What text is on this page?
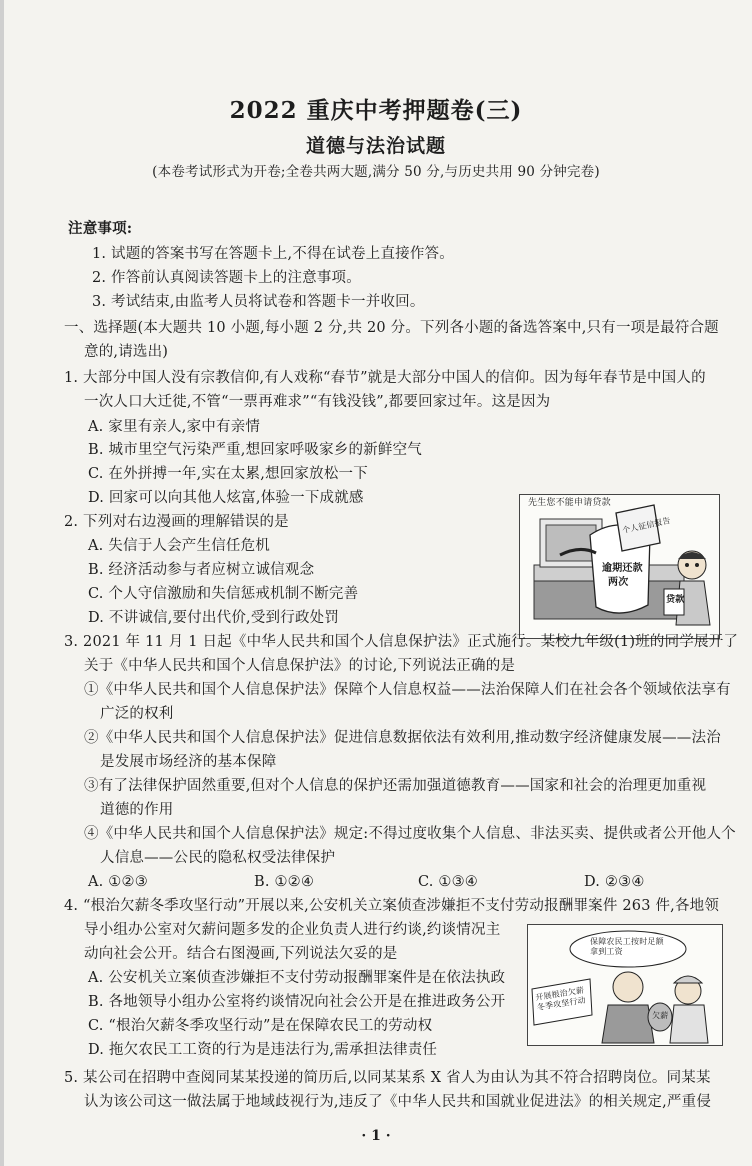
2022 重庆中考押题卷(三)
道德与法治试题
(本卷考试形式为开卷;全卷共两大题,满分 50 分,与历史共用 90 分钟完卷)
注意事项:
1. 试题的答案书写在答题卡上,不得在试卷上直接作答。
2. 作答前认真阅读答题卡上的注意事项。
3. 考试结束,由监考人员将试卷和答题卡一并收回。
一、选择题(本大题共 10 小题,每小题 2 分,共 20 分。下列各小题的备选答案中,只有一项是最符合题
意的,请选出)
1. 大部分中国人没有宗教信仰,有人戏称“春节”就是大部分中国人的信仰。因为每年春节是中国人的
一次人口大迁徙,不管“一票再难求”“有钱没钱”,都要回家过年。这是因为
A. 家里有亲人,家中有亲情
B. 城市里空气污染严重,想回家呼吸家乡的新鲜空气
C. 在外拼搏一年,实在太累,想回家放松一下
D. 回家可以向其他人炫富,体验一下成就感
2. 下列对右边漫画的理解错误的是
A. 失信于人会产生信任危机
B. 经济活动参与者应树立诚信观念
C. 个人守信激励和失信惩戒机制不断完善
D. 不讲诚信,要付出代价,受到行政处罚
先生您不能申请贷款
个人征信报告
逾期还款
两次
贷款
3. 2021 年 11 月 1 日起《中华人民共和国个人信息保护法》正式施行。某校九年级(1)班的同学展开了
关于《中华人民共和国个人信息保护法》的讨论,下列说法正确的是
①《中华人民共和国个人信息保护法》保障个人信息权益——法治保障人们在社会各个领域依法享有
广泛的权利
②《中华人民共和国个人信息保护法》促进信息数据依法有效利用,推动数字经济健康发展——法治
是发展市场经济的基本保障
③有了法律保护固然重要,但对个人信息的保护还需加强道德教育——国家和社会的治理更加重视
道德的作用
④《中华人民共和国个人信息保护法》规定:不得过度收集个人信息、非法买卖、提供或者公开他人个
人信息——公民的隐私权受法律保护
A. ①②③	B. ①②④	C. ①③④	D. ②③④
4. “根治欠薪冬季攻坚行动”开展以来,公安机关立案侦查涉嫌拒不支付劳动报酬罪案件 263 件,各地领
导小组办公室对欠薪问题多发的企业负责人进行约谈,约谈情况主
动向社会公开。结合右图漫画,下列说法欠妥的是
A. 公安机关立案侦查涉嫌拒不支付劳动报酬罪案件是在依法执政
B. 各地领导小组办公室将约谈情况向社会公开是在推进政务公开
C. “根治欠薪冬季攻坚行动”是在保障农民工的劳动权
D. 拖欠农民工工资的行为是违法行为,需承担法律责任
保障农民工按时足额拿到工资
开展根治欠薪冬季攻坚行动
欠薪
5. 某公司在招聘中查阅同某某投递的简历后,以同某某系 X 省人为由认为其不符合招聘岗位。同某某
认为该公司这一做法属于地域歧视行为,违反了《中华人民共和国就业促进法》的相关规定,严重侵
· 1 ·
